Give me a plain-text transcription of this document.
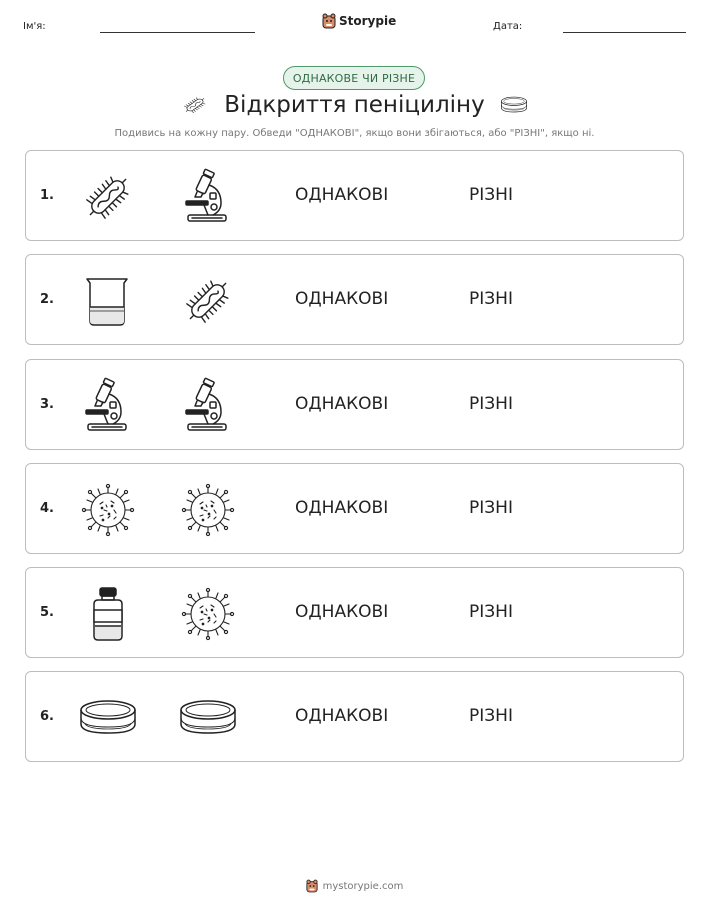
Ім'я:	Storypie	Дата:
ОДНАКОВЕ ЧИ РІЗНЕ
Відкриття пеніциліну
Подивись на кожну пару. Обведи "ОДНАКОВІ", якщо вони збігаються, або "РІЗНІ", якщо ні.
1.	ОДНАКОВІ	РІЗНІ
2.	ОДНАКОВІ	РІЗНІ
3.	ОДНАКОВІ	РІЗНІ
4.	ОДНАКОВІ	РІЗНІ
5.	ОДНАКОВІ	РІЗНІ
6.	ОДНАКОВІ	РІЗНІ
mystorypie.com
